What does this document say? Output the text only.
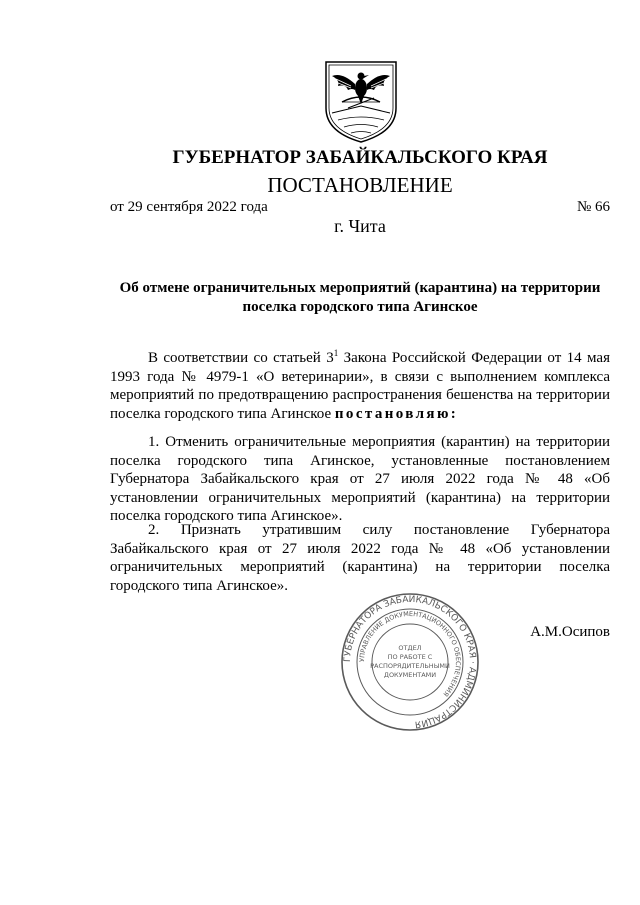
ГУБЕРНАТОР ЗАБАЙКАЛЬСКОГО КРАЯ
ПОСТАНОВЛЕНИЕ
от 29 сентября 2022 года	№ 66
г. Чита
Об отмене ограничительных мероприятий (карантина) на территории
поселка городского типа Агинское
В соответствии со статьей $3^1$ Закона Российской Федерации от 14 мая 1993 года № 4979-1 «О ветеринарии», в связи с выполнением комплекса мероприятий по предотвращению распространения бешенства на территории поселка городского типа Агинское постановляю:
1. Отменить ограничительные мероприятия (карантин) на территории поселка городского типа Агинское, установленные постановлением Губернатора Забайкальского края от 27 июля 2022 года № 48 «Об установлении ограничительных мероприятий (карантина) на территории поселка городского типа Агинское».
2. Признать утратившим силу постановление Губернатора Забайкальского края от 27 июля 2022 года № 48 «Об установлении ограничительных мероприятий (карантина) на территории поселка городского типа Агинское».
ГУБЕРНАТОРА ЗАБАЙКАЛЬСКОГО КРАЯ · АДМИНИСТРАЦИЯ
УПРАВЛЕНИЕ ДОКУМЕНТАЦИОННОГО ОБЕСПЕЧЕНИЯ
ОТДЕЛ
ПО РАБОТЕ С
РАСПОРЯДИТЕЛЬНЫМИ
ДОКУМЕНТАМИ
А.М.Осипов
